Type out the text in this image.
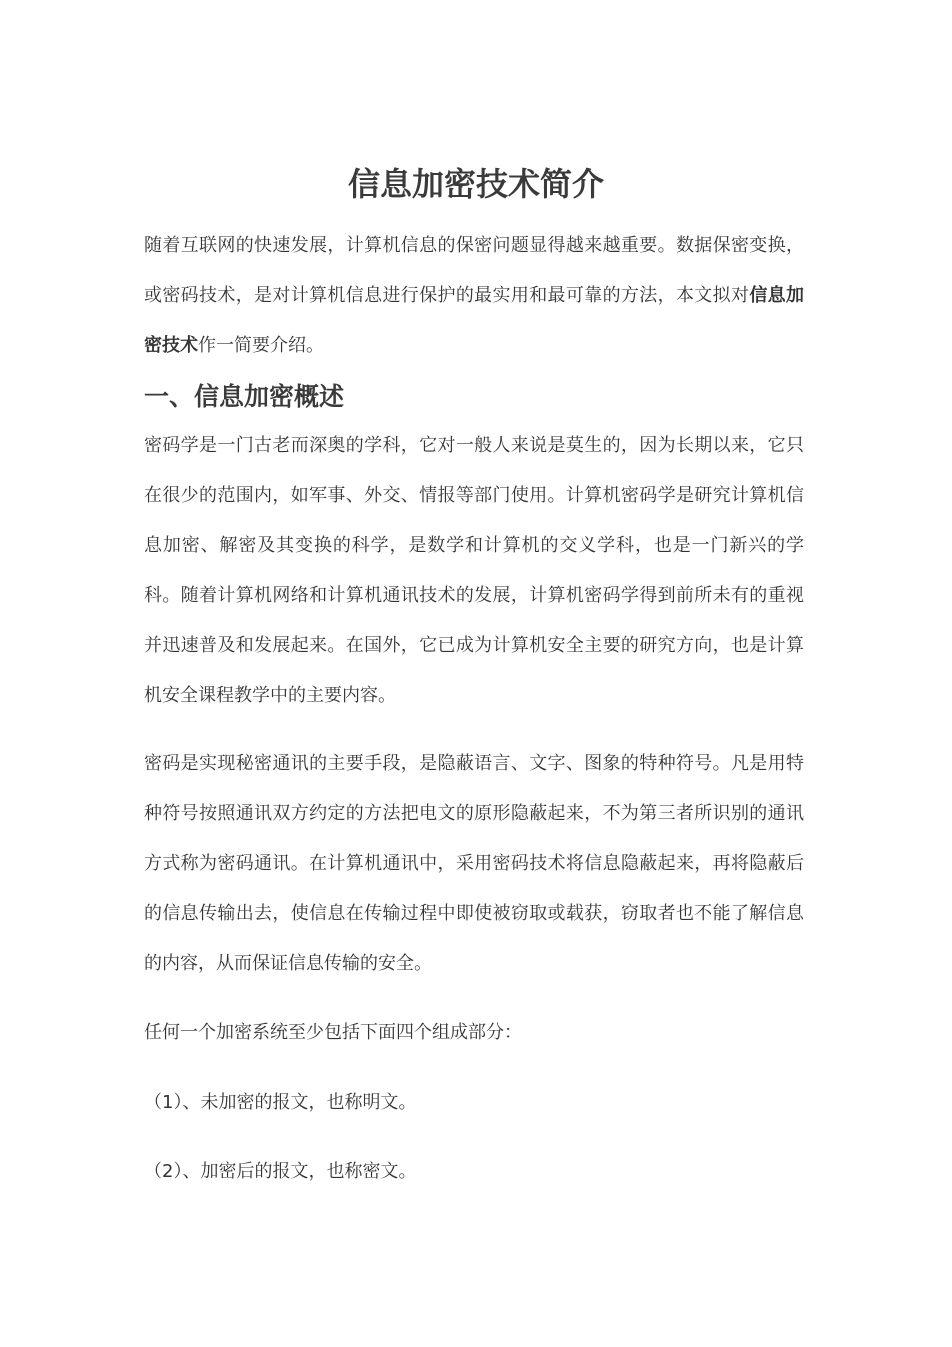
信息加密技术简介

随着互联网的快速发展，计算机信息的保密问题显得越来越重要。数据保密变换，或密码技术，是对计算机信息进行保护的最实用和最可靠的方法，本文拟对信息加密技术作一简要介绍。

一、信息加密概述

密码学是一门古老而深奥的学科，它对一般人来说是莫生的，因为长期以来，它只在很少的范围内，如军事、外交、情报等部门使用。计算机密码学是研究计算机信息加密、解密及其变换的科学，是数学和计算机的交义学科，也是一门新兴的学科。随着计算机网络和计算机通讯技术的发展，计算机密码学得到前所未有的重视并迅速普及和发展起来。在国外，它已成为计算机安全主要的研究方向，也是计算机安全课程教学中的主要内容。

密码是实现秘密通讯的主要手段，是隐蔽语言、文字、图象的特种符号。凡是用特种符号按照通讯双方约定的方法把电文的原形隐蔽起来，不为第三者所识别的通讯方式称为密码通讯。在计算机通讯中，采用密码技术将信息隐蔽起来，再将隐蔽后的信息传输出去，使信息在传输过程中即使被窃取或载获，窃取者也不能了解信息的内容，从而保证信息传输的安全。

任何一个加密系统至少包括下面四个组成部分：

（1）、未加密的报文，也称明文。

（2）、加密后的报文，也称密文。
